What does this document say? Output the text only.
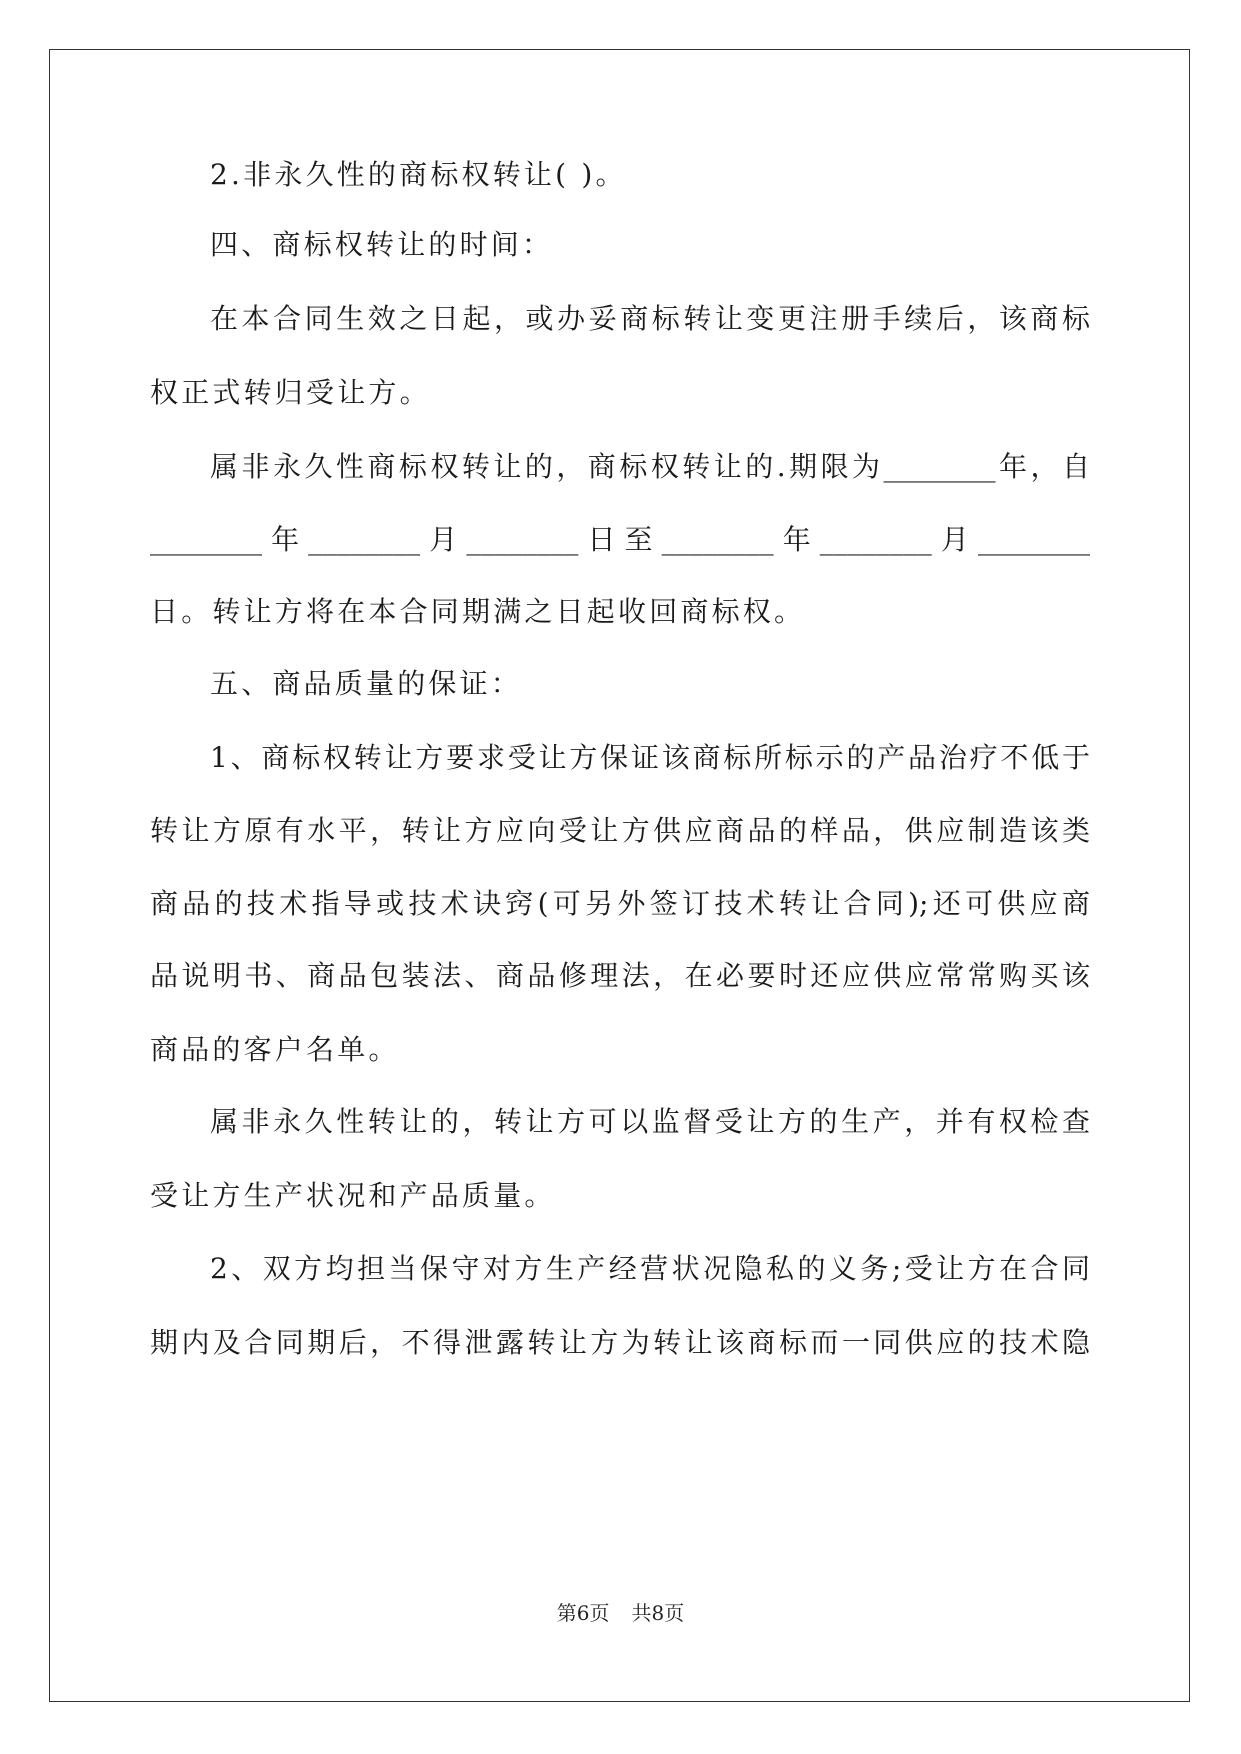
2.非永久性的商标权转让( )。
四、商标权转让的时间：
在本合同生效之日起，或办妥商标转让变更注册手续后，该商标
权正式转归受让方。
属非永久性商标权转让的，商标权转让的.期限为________年，自
________年________月________日至________年________月________
日。转让方将在本合同期满之日起收回商标权。
五、商品质量的保证：
1、商标权转让方要求受让方保证该商标所标示的产品治疗不低于
转让方原有水平，转让方应向受让方供应商品的样品，供应制造该类
商品的技术指导或技术诀窍(可另外签订技术转让合同);还可供应商
品说明书、商品包装法、商品修理法，在必要时还应供应常常购买该
商品的客户名单。
属非永久性转让的，转让方可以监督受让方的生产，并有权检查
受让方生产状况和产品质量。
2、双方均担当保守对方生产经营状况隐私的义务;受让方在合同
期内及合同期后，不得泄露转让方为转让该商标而一同供应的技术隐
第6页 共8页
